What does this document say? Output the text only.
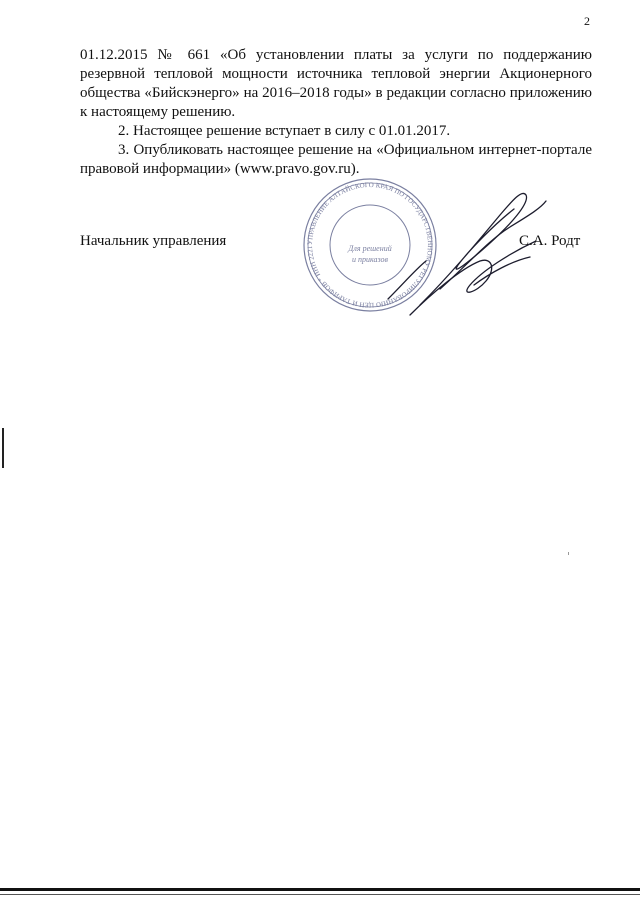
2

01.12.2015 № 661 «Об установлении платы за услуги по поддержанию резервной тепловой мощности источника тепловой энергии Акционерного общества «Бийскэнерго» на 2016–2018 годы» в редакции согласно приложению к настоящему решению.

2. Настоящее решение вступает в силу с 01.01.2017.

3. Опубликовать настоящее решение на «Официальном интернет-портале правовой информации» (www.pravo.gov.ru).

Начальник управления	УПРАВЛЕНИЕ АЛТАЙСКОГО КРАЯ ПО ГОСУДАРСТВЕННОМУ РЕГУЛИРОВАНИЮ ЦЕН И ТАРИФОВ * ИНН 2221	Для решений
и приказов
С.А. Родт
